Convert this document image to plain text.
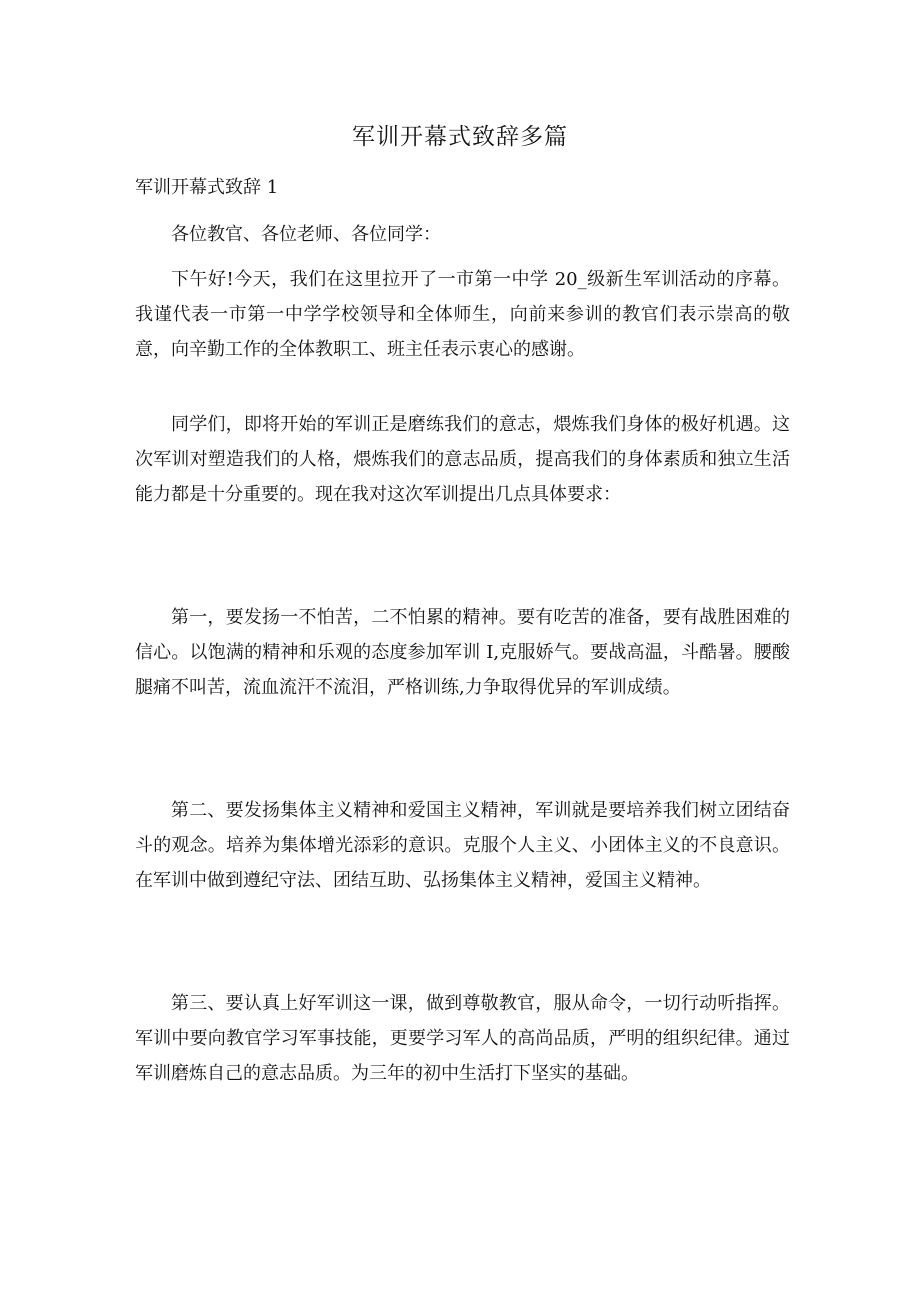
军训开幕式致辞多篇
军训开幕式致辞 1

各位教官、各位老师、各位同学：

下午好!今天，我们在这里拉开了一市第一中学 20_级新生军训活动的序幕。我谨代表一市第一中学学校领导和全体师生，向前来参训的教官们表示崇高的敬意，向辛勤工作的全体教职工、班主任表示衷心的感谢。

同学们，即将开始的军训正是磨练我们的意志，煨炼我们身体的极好机遇。这次军训对塑造我们的人格，煨炼我们的意志品质，提高我们的身体素质和独立生活能力都是十分重要的。现在我对这次军训提出几点具体要求：

第一，要发扬一不怕苦，二不怕累的精神。要有吃苦的准备，要有战胜困难的信心。以饱满的精神和乐观的态度参加军训 I,克服娇气。要战高温，斗酷暑。腰酸腿痛不叫苦，流血流汗不流泪，严格训练,力争取得优异的军训成绩。

第二、要发扬集体主义精神和爱国主义精神，军训就是要培养我们树立团结奋斗的观念。培养为集体增光添彩的意识。克服个人主义、小团体主义的不良意识。在军训中做到遵纪守法、团结互助、弘扬集体主义精神，爱国主义精神。

第三、要认真上好军训这一课，做到尊敬教官，服从命令，一切行动听指挥。军训中要向教官学习军事技能，更要学习军人的高尚品质，严明的组织纪律。通过军训磨炼自己的意志品质。为三年的初中生活打下坚实的基础。
